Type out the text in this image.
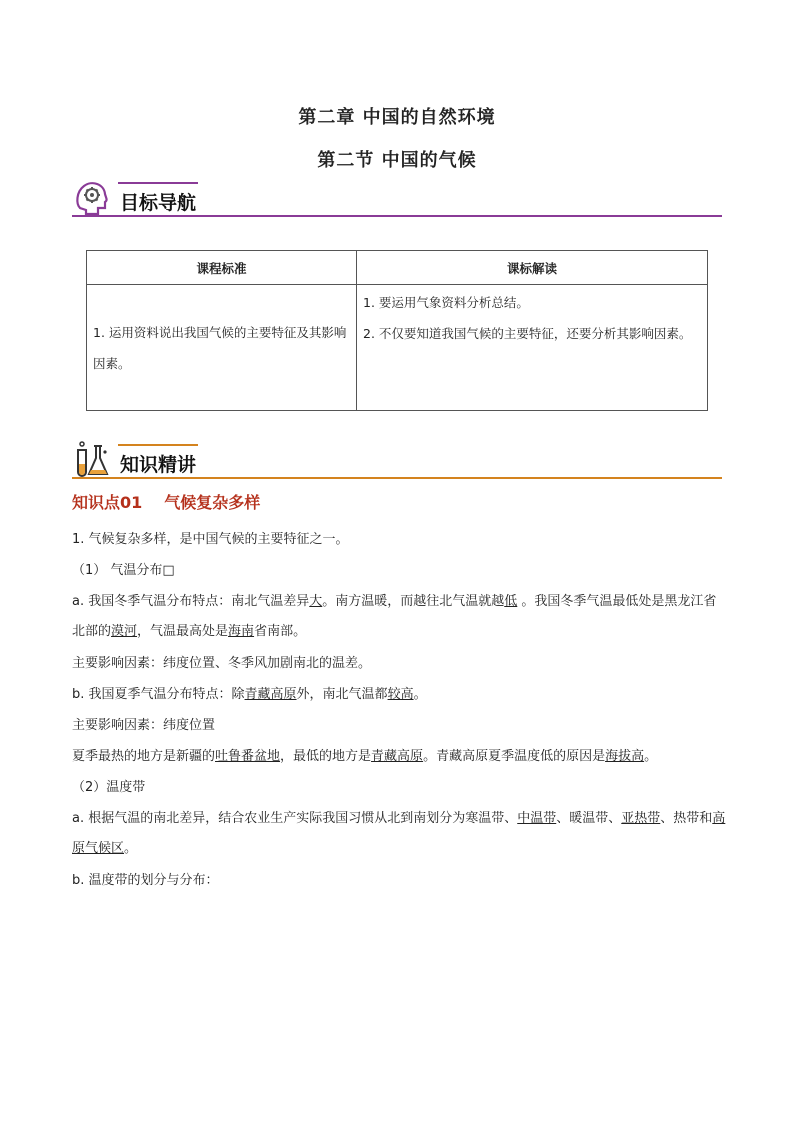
第二章 中国的自然环境
第二节 中国的气候
目标导航
课程标准	课标解读
1. 运用资料说出我国气候的主要特征及其影响因素。	1. 要运用气象资料分析总结。
2. 不仅要知道我国气候的主要特征，还要分析其影响因素。
知识精讲
知识点01 气候复杂多样
1. 气候复杂多样，是中国气候的主要特征之一。
（1） 气温分布□
a. 我国冬季气温分布特点：南北气温差异大。南方温暖，而越往北气温就越低 。我国冬季气温最低处是黑龙江省北部的漠河，气温最高处是海南省南部。
主要影响因素：纬度位置、冬季风加剧南北的温差。
b. 我国夏季气温分布特点：除青藏高原外，南北气温都较高。
主要影响因素：纬度位置
夏季最热的地方是新疆的吐鲁番盆地，最低的地方是青藏高原。青藏高原夏季温度低的原因是海拔高。
（2）温度带
a. 根据气温的南北差异，结合农业生产实际我国习惯从北到南划分为寒温带、中温带、暖温带、亚热带、热带和高原气候区。
b. 温度带的划分与分布：
